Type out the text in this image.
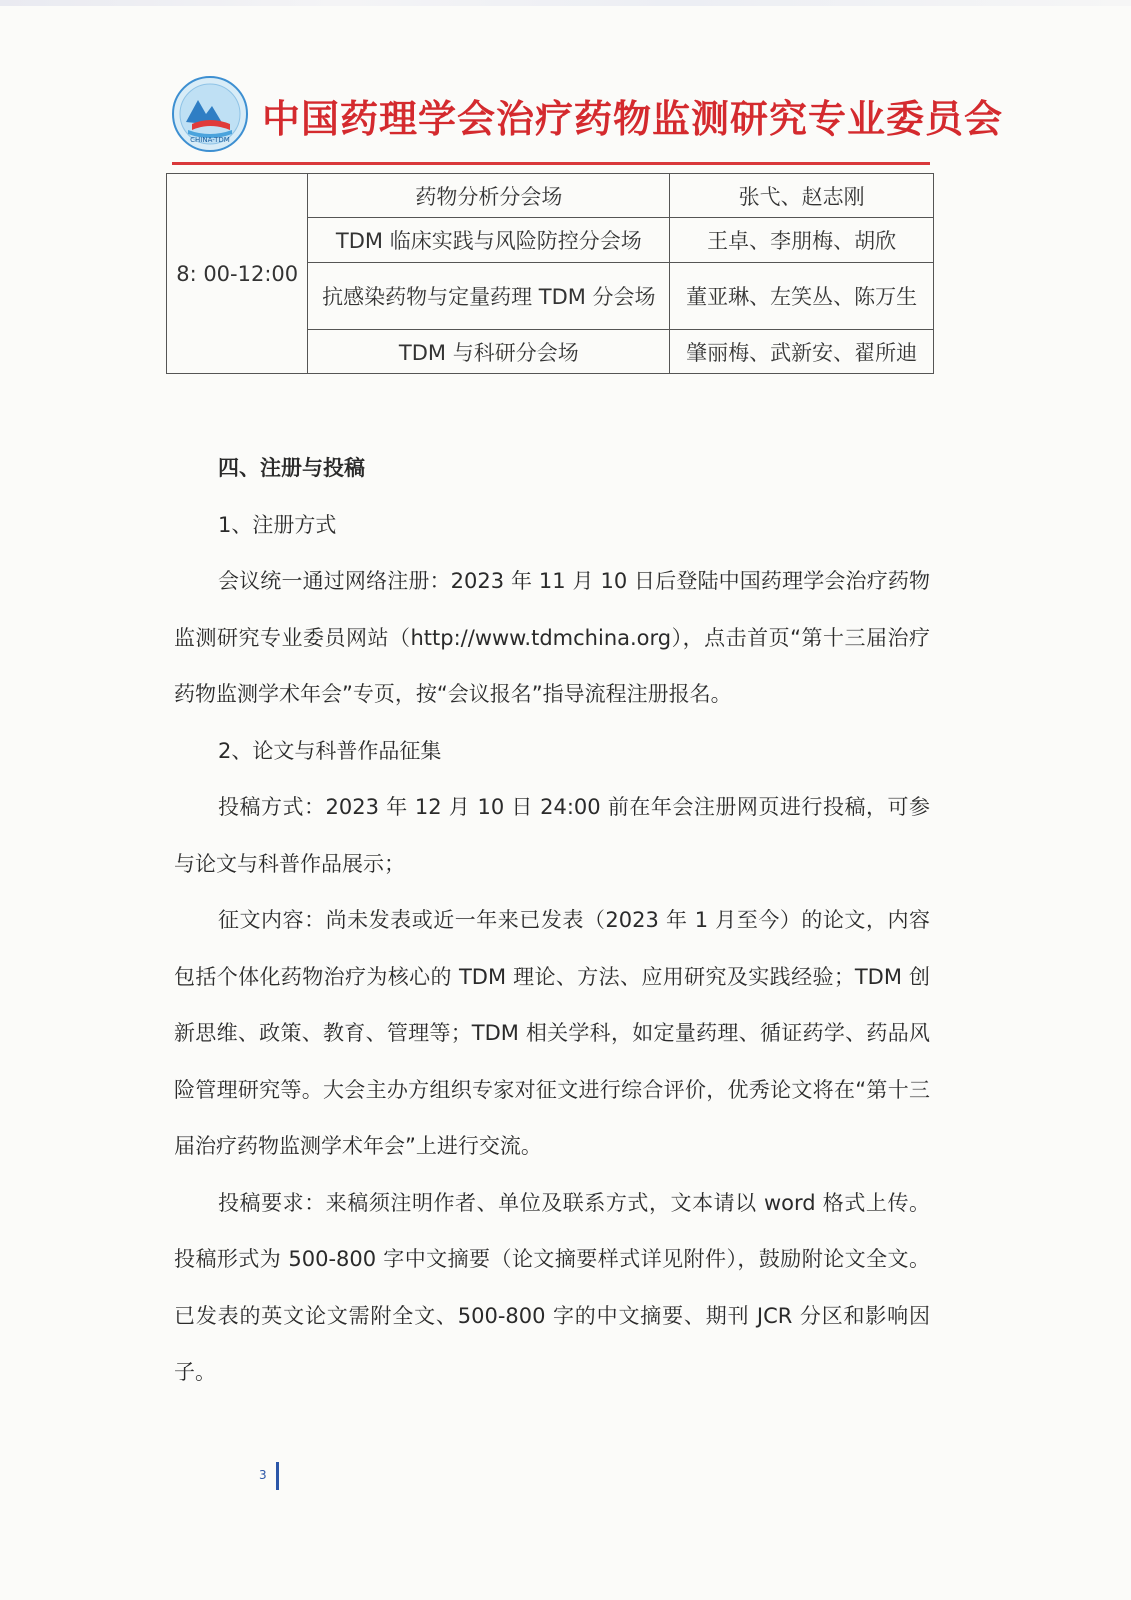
CHINA-TDM 中国药理学会治疗药物监测研究专业委员会
8: 00-12:00	药物分析分会场	张弋、赵志刚
	TDM 临床实践与风险防控分会场	王卓、李朋梅、胡欣
	抗感染药物与定量药理 TDM 分会场	董亚琳、左笑丛、陈万生
	TDM 与科研分会场	肇丽梅、武新安、翟所迪

四、注册与投稿

1、注册方式

会议统一通过网络注册：2023 年 11 月 10 日后登陆中国药理学会治疗药物监测研究专业委员网站（http://www.tdmchina.org），点击首页“第十三届治疗药物监测学术年会”专页，按“会议报名”指导流程注册报名。

2、论文与科普作品征集

投稿方式：2023 年 12 月 10 日 24:00 前在年会注册网页进行投稿，可参与论文与科普作品展示；

征文内容：尚未发表或近一年来已发表（2023 年 1 月至今）的论文，内容包括个体化药物治疗为核心的 TDM 理论、方法、应用研究及实践经验；TDM 创新思维、政策、教育、管理等；TDM 相关学科，如定量药理、循证药学、药品风险管理研究等。大会主办方组织专家对征文进行综合评价，优秀论文将在“第十三届治疗药物监测学术年会”上进行交流。

投稿要求：来稿须注明作者、单位及联系方式，文本请以 word 格式上传。投稿形式为 500-800 字中文摘要（论文摘要样式详见附件），鼓励附论文全文。已发表的英文论文需附全文、500-800 字的中文摘要、期刊 JCR 分区和影响因子。

3
